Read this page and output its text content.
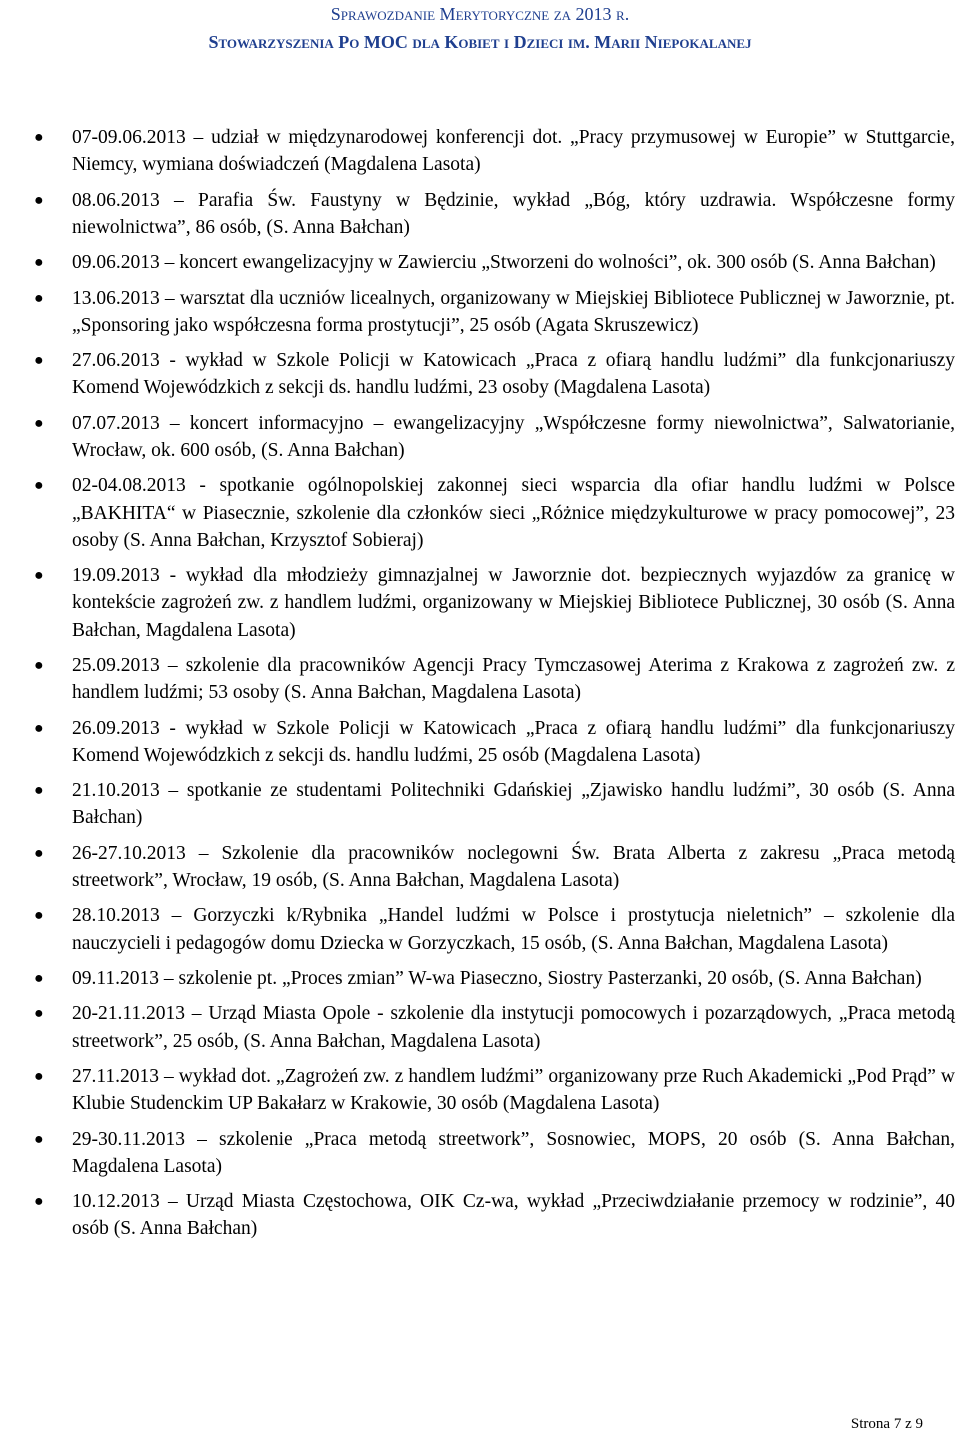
Sprawozdanie Merytoryczne za 2013 r.
Stowarzyszenia Po MOC dla Kobiet i Dzieci im. Marii Niepokalanej
● 07-09.06.2013 – udział w międzynarodowej konferencji dot. „Pracy przymusowej w Europie” w Stuttgarcie, Niemcy, wymiana doświadczeń (Magdalena Lasota)
● 08.06.2013 – Parafia Św. Faustyny w Będzinie, wykład „Bóg, który uzdrawia. Współczesne formy niewolnictwa”, 86 osób, (S. Anna Bałchan)
● 09.06.2013 – koncert ewangelizacyjny w Zawierciu „Stworzeni do wolności”, ok. 300 osób (S. Anna Bałchan)
● 13.06.2013 – warsztat dla uczniów licealnych, organizowany w Miejskiej Bibliotece Publicznej w Jaworznie, pt. „Sponsoring jako współczesna forma prostytucji”, 25 osób (Agata Skruszewicz)
● 27.06.2013 - wykład w Szkole Policji w Katowicach „Praca z ofiarą handlu ludźmi” dla funkcjonariuszy Komend Wojewódzkich z sekcji ds. handlu ludźmi, 23 osoby (Magdalena Lasota)
● 07.07.2013 – koncert informacyjno – ewangelizacyjny „Współczesne formy niewolnictwa”, Salwatorianie, Wrocław, ok. 600 osób, (S. Anna Bałchan)
● 02-04.08.2013 - spotkanie ogólnopolskiej zakonnej sieci wsparcia dla ofiar handlu ludźmi w Polsce „BAKHITA“ w Piasecznie, szkolenie dla członków sieci „Różnice międzykulturowe w pracy pomocowej”, 23 osoby (S. Anna Bałchan, Krzysztof Sobieraj)
● 19.09.2013 - wykład dla młodzieży gimnazjalnej w Jaworznie dot. bezpiecznych wyjazdów za granicę w kontekście zagrożeń zw. z handlem ludźmi, organizowany w Miejskiej Bibliotece Publicznej, 30 osób (S. Anna Bałchan, Magdalena Lasota)
● 25.09.2013 – szkolenie dla pracowników Agencji Pracy Tymczasowej Aterima z Krakowa z zagrożeń zw. z handlem ludźmi; 53 osoby (S. Anna Bałchan, Magdalena Lasota)
● 26.09.2013 - wykład w Szkole Policji w Katowicach „Praca z ofiarą handlu ludźmi” dla funkcjonariuszy Komend Wojewódzkich z sekcji ds. handlu ludźmi, 25 osób (Magdalena Lasota)
● 21.10.2013 – spotkanie ze studentami Politechniki Gdańskiej „Zjawisko handlu ludźmi”, 30 osób (S. Anna Bałchan)
● 26-27.10.2013 – Szkolenie dla pracowników noclegowni Św. Brata Alberta z zakresu „Praca metodą streetwork”, Wrocław, 19 osób, (S. Anna Bałchan, Magdalena Lasota)
● 28.10.2013 – Gorzyczki k/Rybnika „Handel ludźmi w Polsce i prostytucja nieletnich” – szkolenie dla nauczycieli i pedagogów domu Dziecka w Gorzyczkach, 15 osób, (S. Anna Bałchan, Magdalena Lasota)
● 09.11.2013 – szkolenie pt. „Proces zmian” W-wa Piaseczno, Siostry Pasterzanki, 20 osób, (S. Anna Bałchan)
● 20-21.11.2013 – Urząd Miasta Opole - szkolenie dla instytucji pomocowych i pozarządowych, „Praca metodą streetwork”, 25 osób, (S. Anna Bałchan, Magdalena Lasota)
● 27.11.2013 – wykład dot. „Zagrożeń zw. z handlem ludźmi” organizowany prze Ruch Akademicki „Pod Prąd” w Klubie Studenckim UP Bakałarz w Krakowie, 30 osób (Magdalena Lasota)
● 29-30.11.2013 – szkolenie „Praca metodą streetwork”, Sosnowiec, MOPS, 20 osób (S. Anna Bałchan, Magdalena Lasota)
● 10.12.2013 – Urząd Miasta Częstochowa, OIK Cz-wa, wykład „Przeciwdziałanie przemocy w rodzinie”, 40 osób (S. Anna Bałchan)
Strona 7 z 9
